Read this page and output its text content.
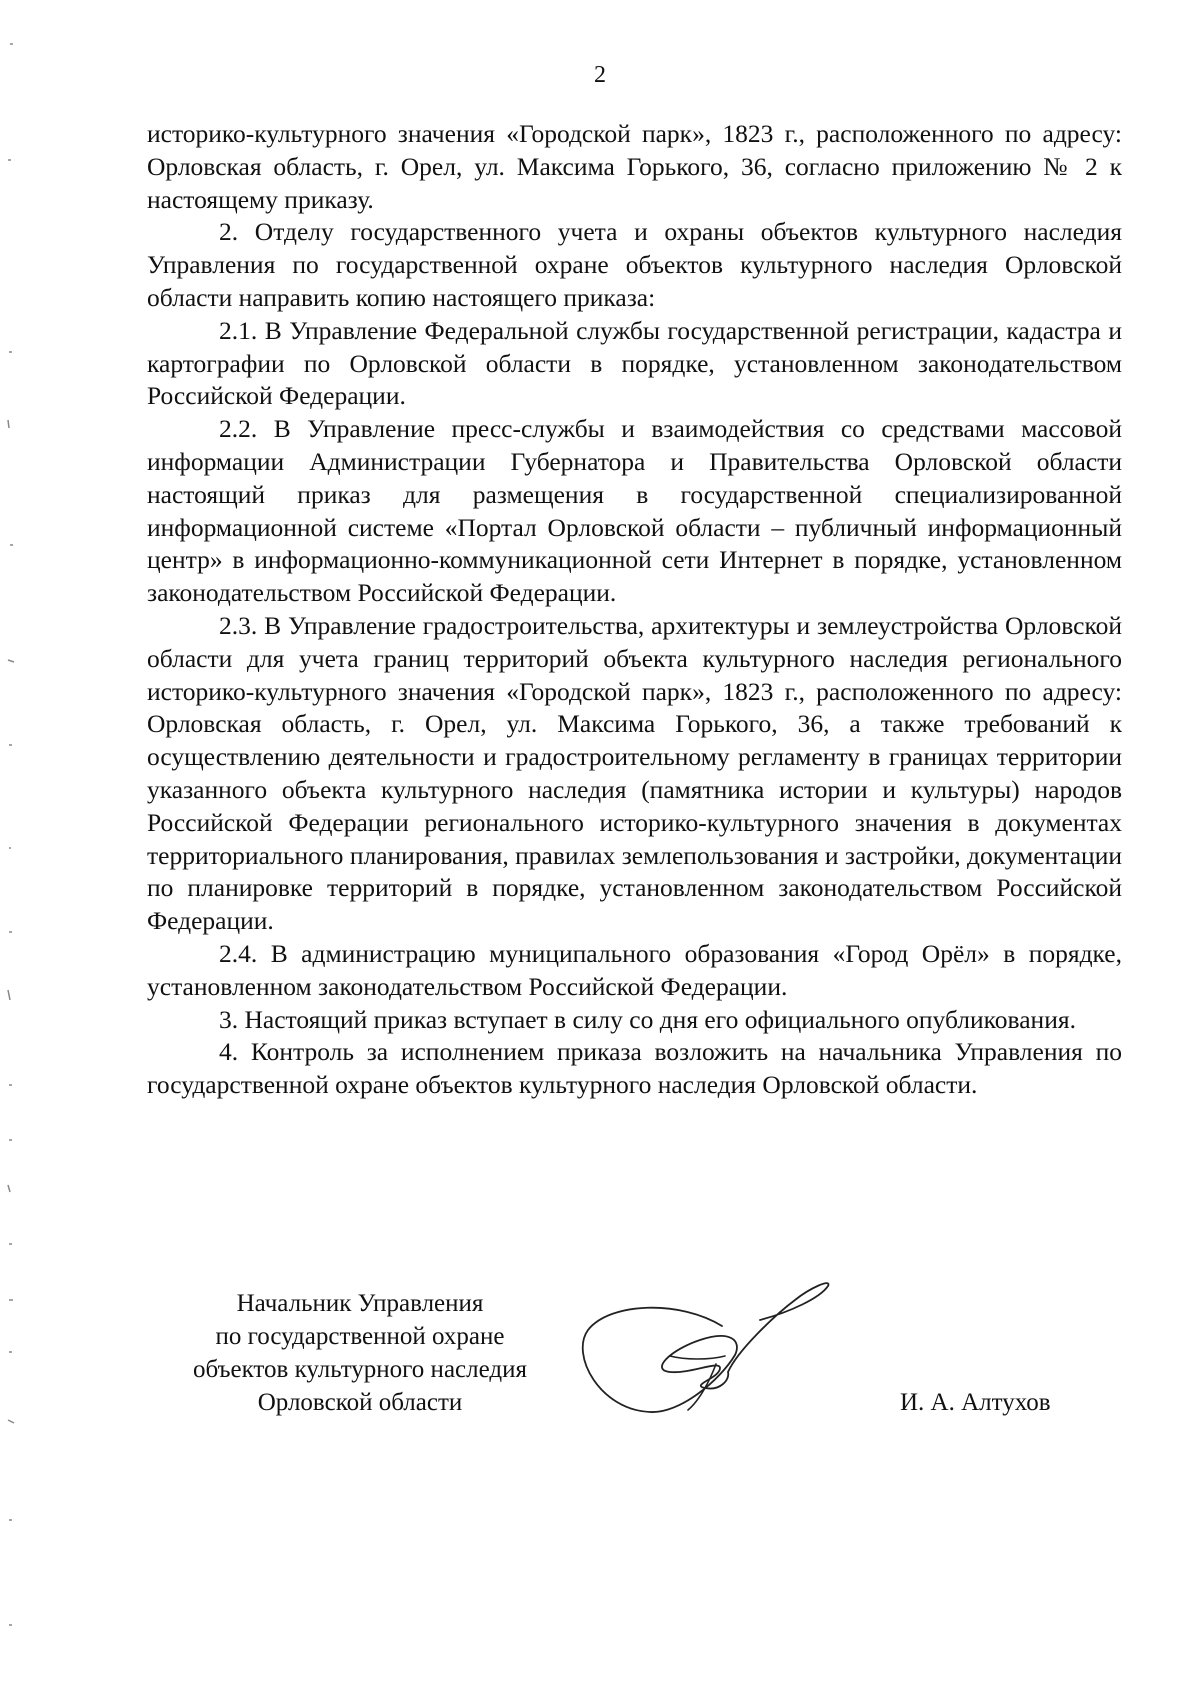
2

историко-культурного значения «Городской парк», 1823 г., расположенного по адресу: Орловская область, г. Орел, ул. Максима Горького, 36, согласно приложению № 2 к настоящему приказу.

2. Отделу государственного учета и охраны объектов культурного наследия Управления по государственной охране объектов культурного наследия Орловской области направить копию настоящего приказа:

2.1. В Управление Федеральной службы государственной регистрации, кадастра и картографии по Орловской области в порядке, установленном законодательством Российской Федерации.

2.2. В Управление пресс-службы и взаимодействия со средствами массовой информации Администрации Губернатора и Правительства Орловской области настоящий приказ для размещения в государственной специализированной информационной системе «Портал Орловской области – публичный информационный центр» в информационно-коммуникационной сети Интернет в порядке, установленном законодательством Российской Федерации.

2.3. В Управление градостроительства, архитектуры и землеустройства Орловской области для учета границ территорий объекта культурного наследия регионального историко-культурного значения «Городской парк», 1823 г., расположенного по адресу: Орловская область, г. Орел, ул. Максима Горького, 36, а также требований к осуществлению деятельности и градостроительному регламенту в границах территории указанного объекта культурного наследия (памятника истории и культуры) народов Российской Федерации регионального историко-культурного значения в документах территориального планирования, правилах землепользования и застройки, документации по планировке территорий в порядке, установленном законодательством Российской Федерации.

2.4. В администрацию муниципального образования «Город Орёл» в порядке, установленном законодательством Российской Федерации.

3. Настоящий приказ вступает в силу со дня его официального опубликования.

4. Контроль за исполнением приказа возложить на начальника Управления по государственной охране объектов культурного наследия Орловской области.

Начальник Управления
по государственной охране
объектов культурного наследия
Орловской области	И. А. Алтухов
